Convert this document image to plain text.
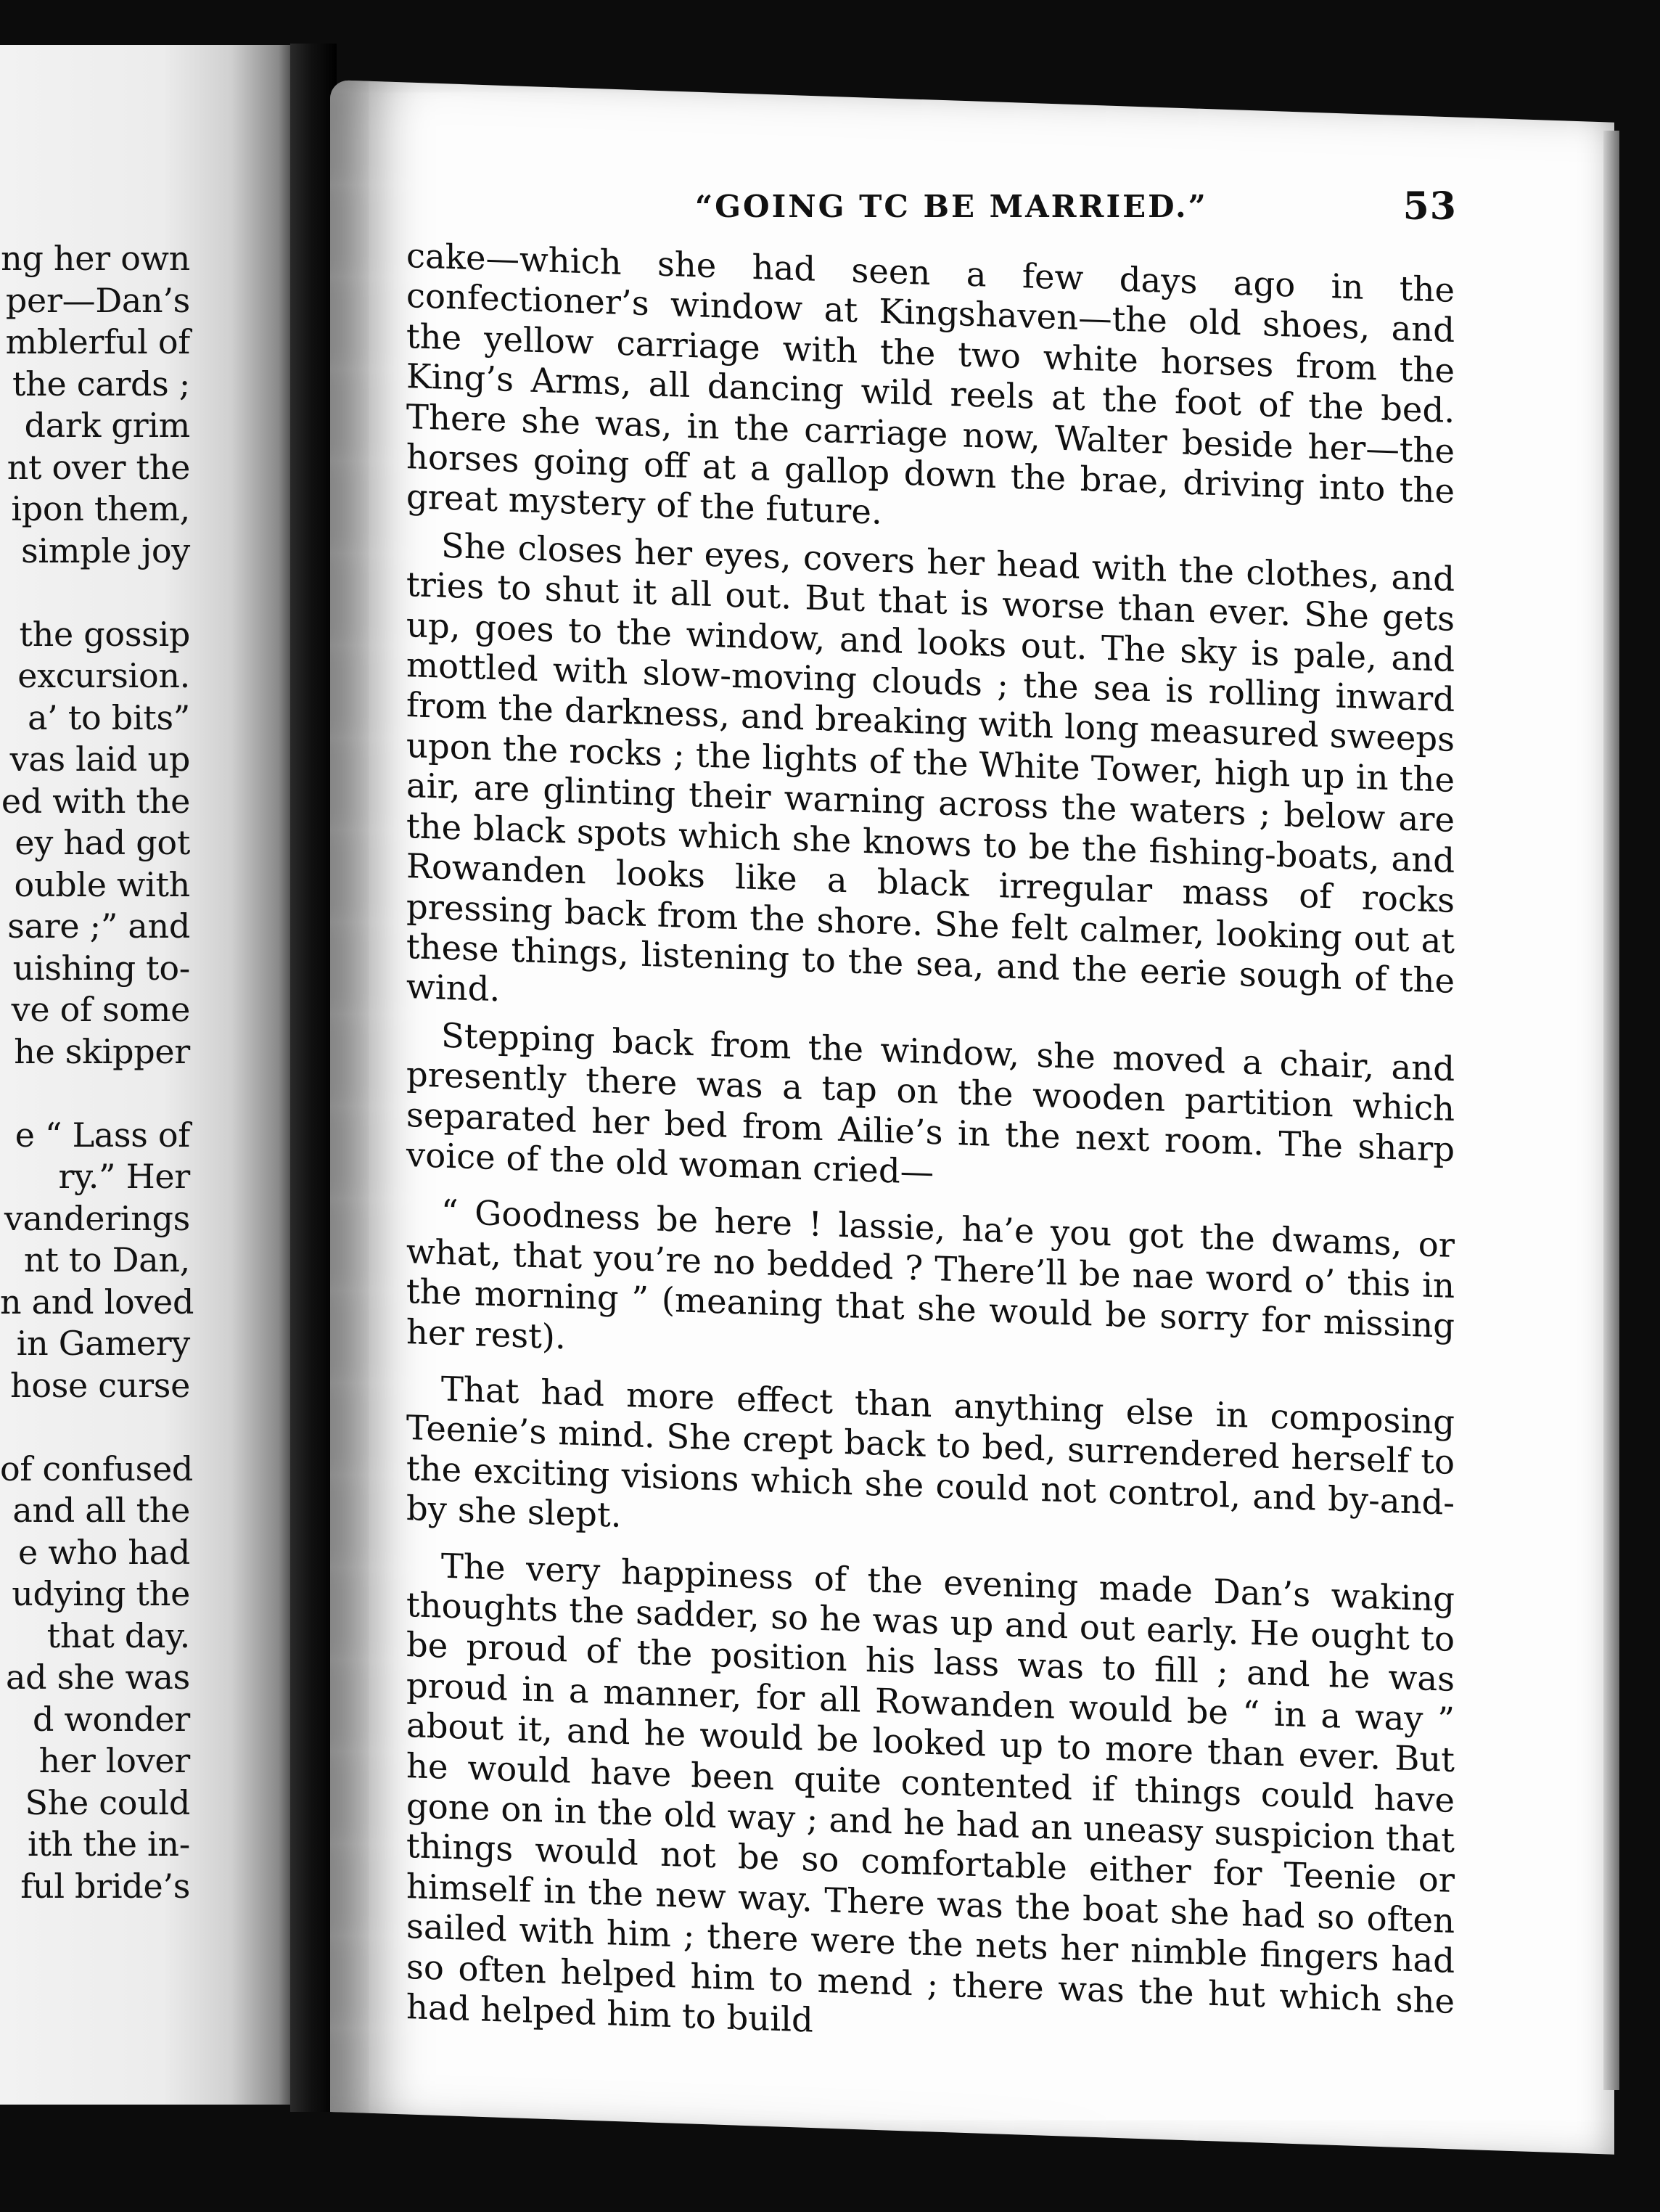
ng her own
per—Dan’s
mblerful of
the cards ;
dark grim
nt over the
ipon them,
simple joy
the gossip
excursion.
a’ to bits”
vas laid up
ed with the
ey had got
ouble with
sare ;” and
uishing to-
ve of some
he skipper
e “ Lass of
ry.” Her
vanderings
nt to Dan,
n and loved
in Gamery
hose curse
of confused
and all the
e who had
udying the
that day.
ad she was
d wonder
her lover
She could
ith the in-
ful bride’s
“GOING TC BE MARRIED.”	53

cake—which she had seen a few days ago in the confectioner’s window at Kingshaven—the old shoes, and the yellow carriage with the two white horses from the King’s Arms, all dancing wild reels at the foot of the bed. There she was, in the carriage now, Walter beside her—the horses going off at a gallop down the brae, driving into the great mystery of the future.

She closes her eyes, covers her head with the clothes, and tries to shut it all out. But that is worse than ever. She gets up, goes to the window, and looks out. The sky is pale, and mottled with slow-moving clouds ; the sea is rolling inward from the darkness, and breaking with long measured sweeps upon the rocks ; the lights of the White Tower, high up in the air, are glinting their warning across the waters ; below are the black spots which she knows to be the fishing-boats, and Rowanden looks like a black irregular mass of rocks pressing back from the shore. She felt calmer, looking out at these things, listening to the sea, and the eerie sough of the wind.

Stepping back from the window, she moved a chair, and presently there was a tap on the wooden partition which separated her bed from Ailie’s in the next room. The sharp voice of the old woman cried—

“ Goodness be here ! lassie, ha’e you got the dwams, or what, that you’re no bedded ? There’ll be nae word o’ this in the morning ” (meaning that she would be sorry for missing her rest).

That had more effect than anything else in composing Teenie’s mind. She crept back to bed, surrendered herself to the exciting visions which she could not control, and by-and-by she slept.

The very happiness of the evening made Dan’s waking thoughts the sadder, so he was up and out early. He ought to be proud of the position his lass was to fill ; and he was proud in a manner, for all Rowanden would be “ in a way ” about it, and he would be looked up to more than ever. But he would have been quite contented if things could have gone on in the old way ; and he had an uneasy suspicion that things would not be so comfortable either for Teenie or himself in the new way. There was the boat she had so often sailed with him ; there were the nets her nimble fingers had so often helped him to mend ; there was the hut which she had helped him to build
